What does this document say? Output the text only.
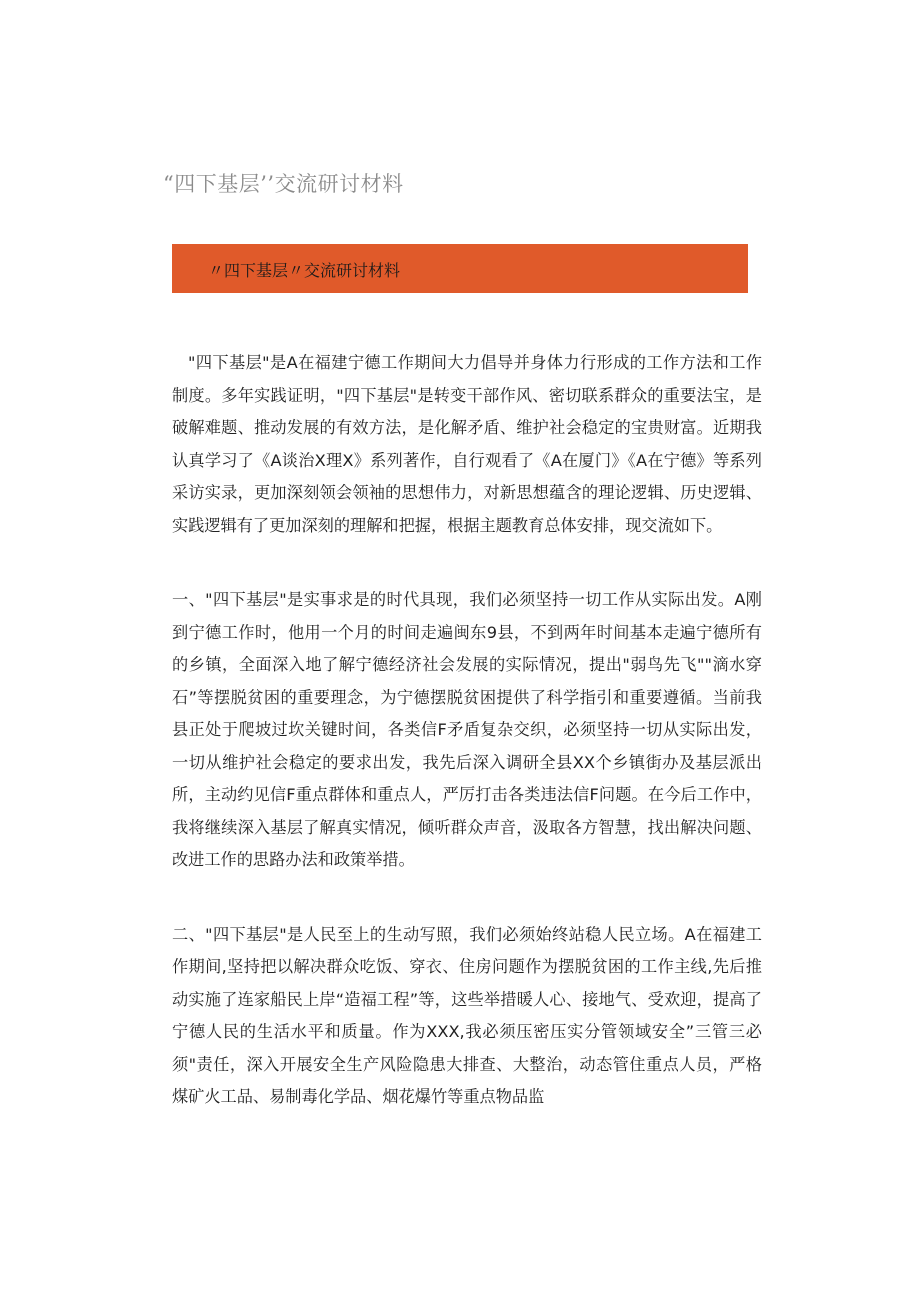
“四下基层’’交流研讨材料
〃四下基层〃交流研讨材料

"四下基层"是A在福建宁德工作期间大力倡导并身体力行形成的工作方法和工作制度。多年实践证明，"四下基层"是转变干部作风、密切联系群众的重要法宝，是破解难题、推动发展的有效方法，是化解矛盾、维护社会稳定的宝贵财富。近期我认真学习了《A谈治X理X》系列著作，自行观看了《A在厦门》《A在宁德》等系列采访实录，更加深刻领会领袖的思想伟力，对新思想蕴含的理论逻辑、历史逻辑、实践逻辑有了更加深刻的理解和把握，根据主题教育总体安排，现交流如下。

一、"四下基层"是实事求是的时代具现，我们必须坚持一切工作从实际出发。A刚到宁德工作时，他用一个月的时间走遍闽东9县，不到两年时间基本走遍宁德所有的乡镇，全面深入地了解宁德经济社会发展的实际情况，提出"弱鸟先飞""滴水穿石”等摆脱贫困的重要理念，为宁德摆脱贫困提供了科学指引和重要遵循。当前我县正处于爬坡过坎关键时间，各类信F矛盾复杂交织，必须坚持一切从实际出发，一切从维护社会稳定的要求出发，我先后深入调研全县XX个乡镇街办及基层派出所，主动约见信F重点群体和重点人，严厉打击各类违法信F问题。在今后工作中，我将继续深入基层了解真实情况，倾听群众声音，汲取各方智慧，找出解决问题、改进工作的思路办法和政策举措。

二、"四下基层"是人民至上的生动写照，我们必须始终站稳人民立场。A在福建工作期间,坚持把以解决群众吃饭、穿衣、住房问题作为摆脱贫困的工作主线,先后推动实施了连家船民上岸“造福工程”等，这些举措暖人心、接地气、受欢迎，提高了宁德人民的生活水平和质量。作为XXX,我必须压密压实分管领域安全”三管三必须"责任，深入开展安全生产风险隐患大排查、大整治，动态管住重点人员，严格煤矿火工品、易制毒化学品、烟花爆竹等重点物品监
